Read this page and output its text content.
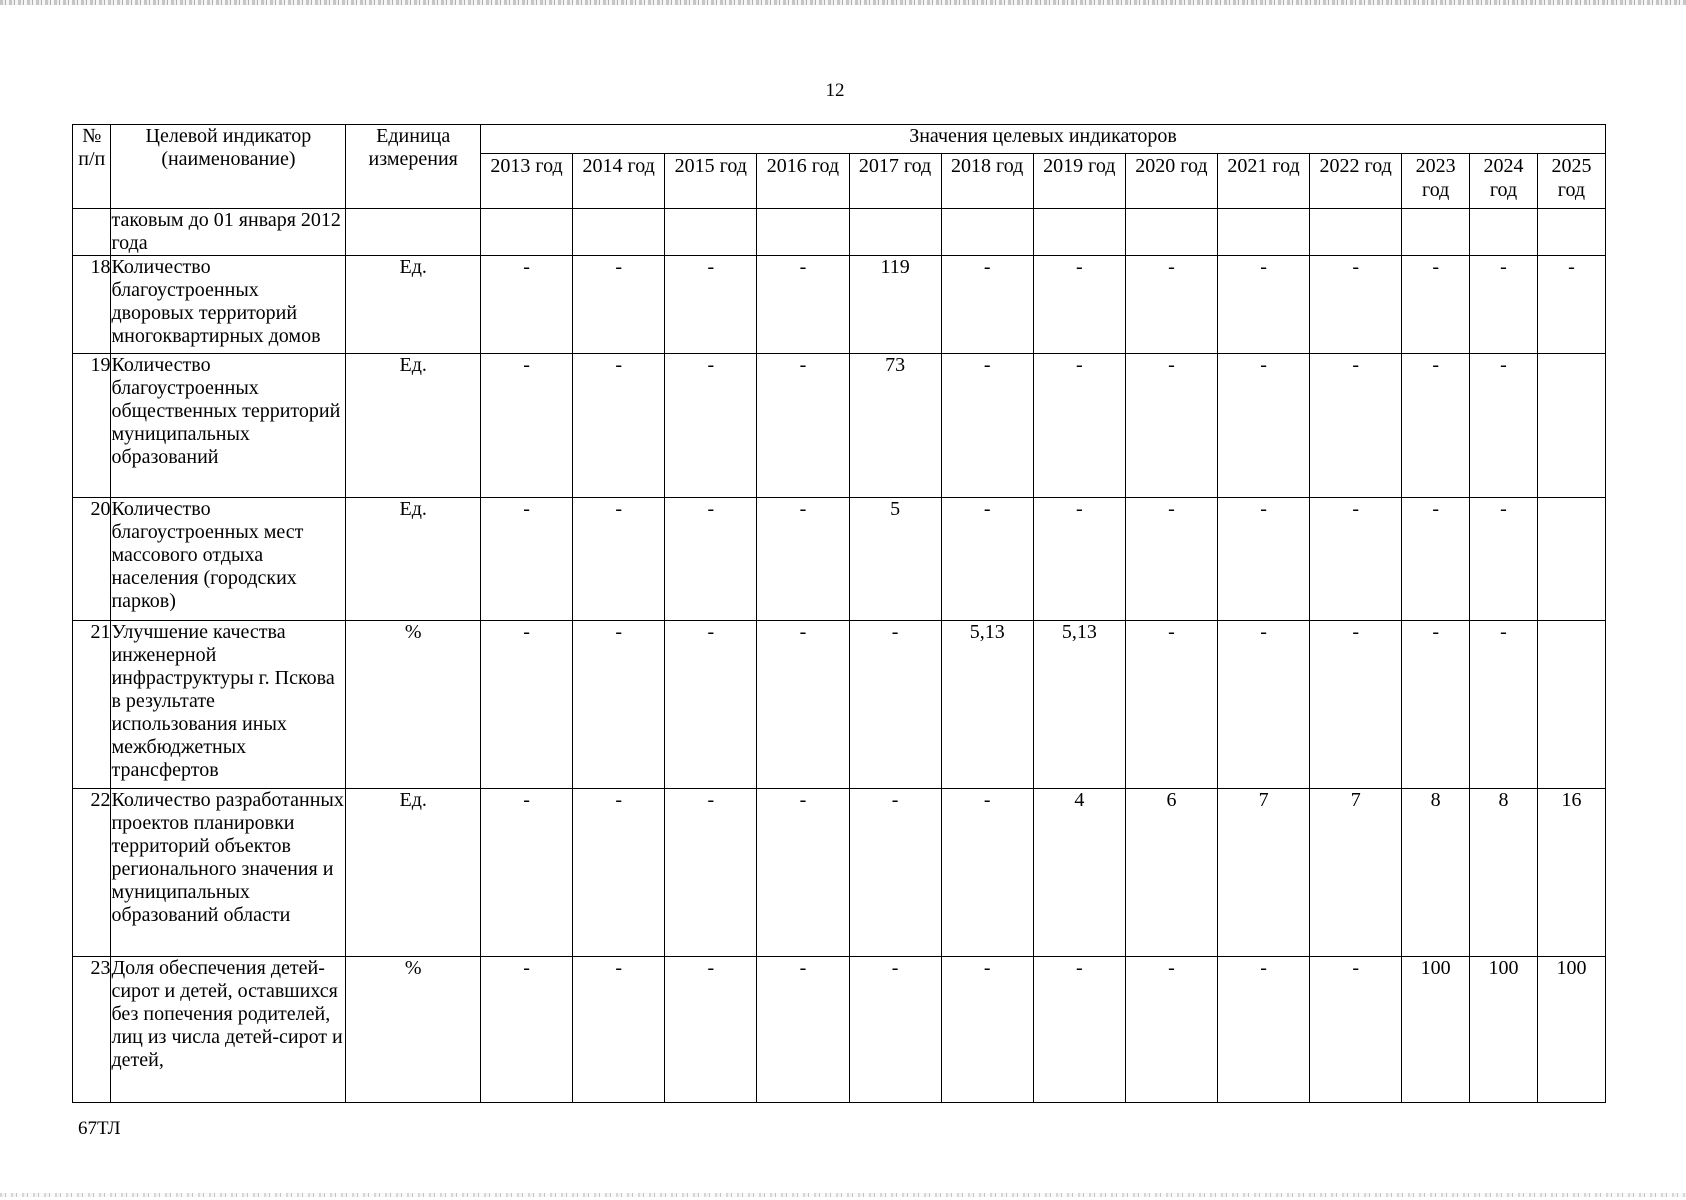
12
№ п/п	Целевой индикатор (наименование)	Единица измерения	Значения целевых индикаторов												
			2013 год	2014 год	2015 год	2016 год	2017 год	2018 год	2019 год	2020 год	2021 год	2022 год	2023 год	2024 год	2025 год
	таковым до 01 января 2012 года														
18	Количество благоустроенных дворовых территорий многоквартирных домов	Ед.	-	-	-	-	119	-	-	-	-	-	-	-	-
19	Количество благоустроенных общественных территорий муниципальных образований	Ед.	-	-	-	-	73	-	-	-	-	-	-	-	
20	Количество благоустроенных мест массового отдыха населения (городских парков)	Ед.	-	-	-	-	5	-	-	-	-	-	-	-	
21	Улучшение качества инженерной инфраструктуры г. Пскова в результате использования иных межбюджетных трансфертов	%	-	-	-	-	-	5,13	5,13	-	-	-	-	-	
22	Количество разработанных проектов планировки территорий объектов регионального значения и муниципальных образований области	Ед.	-	-	-	-	-	-	4	6	7	7	8	8	16
23	Доля обеспечения детей-сирот и детей, оставшихся без попечения родителей, лиц из числа детей-сирот и детей,	%	-	-	-	-	-	-	-	-	-	-	100	100	100
67ТЛ
